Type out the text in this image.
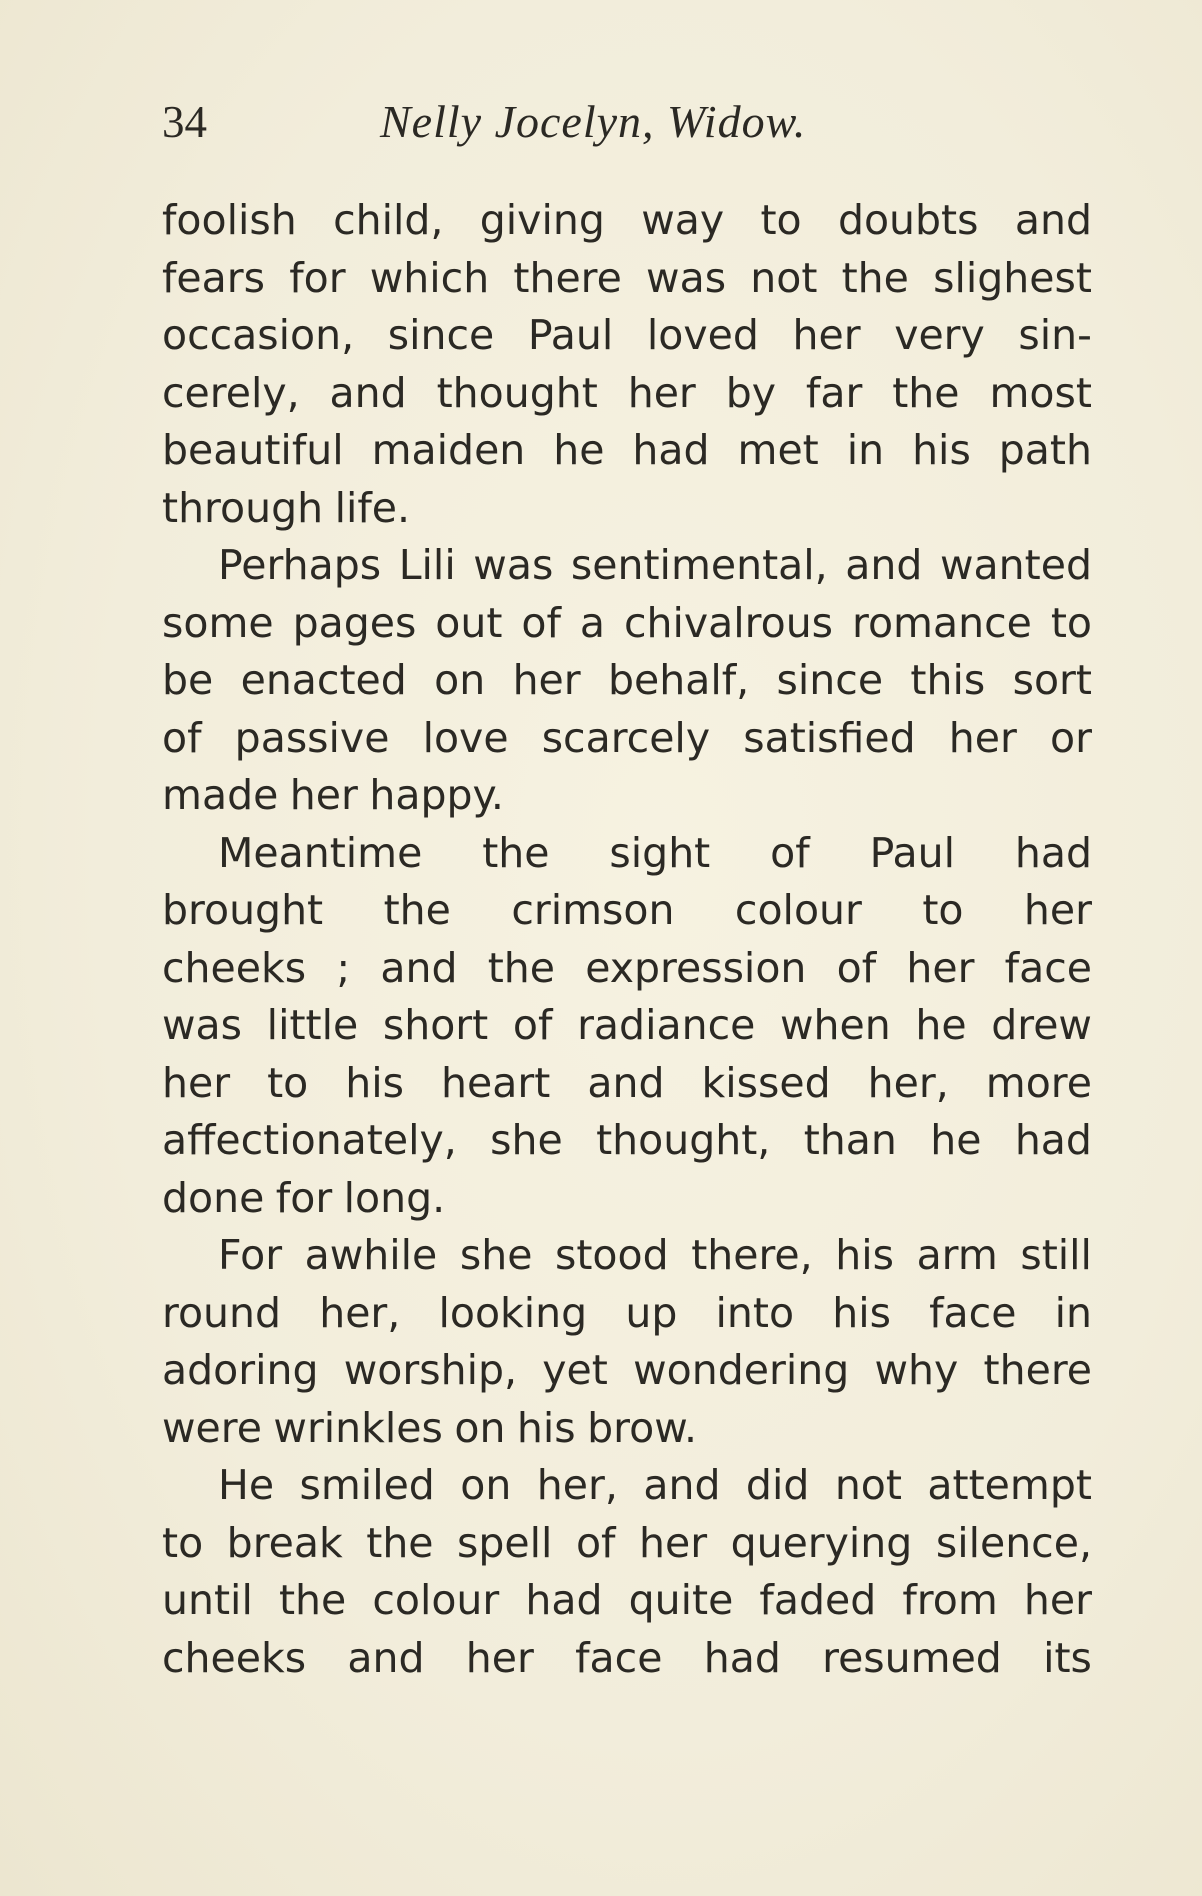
34	Nelly Jocelyn, Widow.
foolish child, giving way to doubts and
fears for which there was not the slighest
occasion, since Paul loved her very sin-
cerely, and thought her by far the most
beautiful maiden he had met in his path
through life.
Perhaps Lili was sentimental, and wanted
some pages out of a chivalrous romance to
be enacted on her behalf, since this sort
of passive love scarcely satisfied her or
made her happy.
Meantime the sight of Paul had
brought the crimson colour to her
cheeks ; and the expression of her face
was little short of radiance when he drew
her to his heart and kissed her, more
affectionately, she thought, than he had
done for long.
For awhile she stood there, his arm still
round her, looking up into his face in
adoring worship, yet wondering why there
were wrinkles on his brow.
He smiled on her, and did not attempt
to break the spell of her querying silence,
until the colour had quite faded from her
cheeks and her face had resumed its
